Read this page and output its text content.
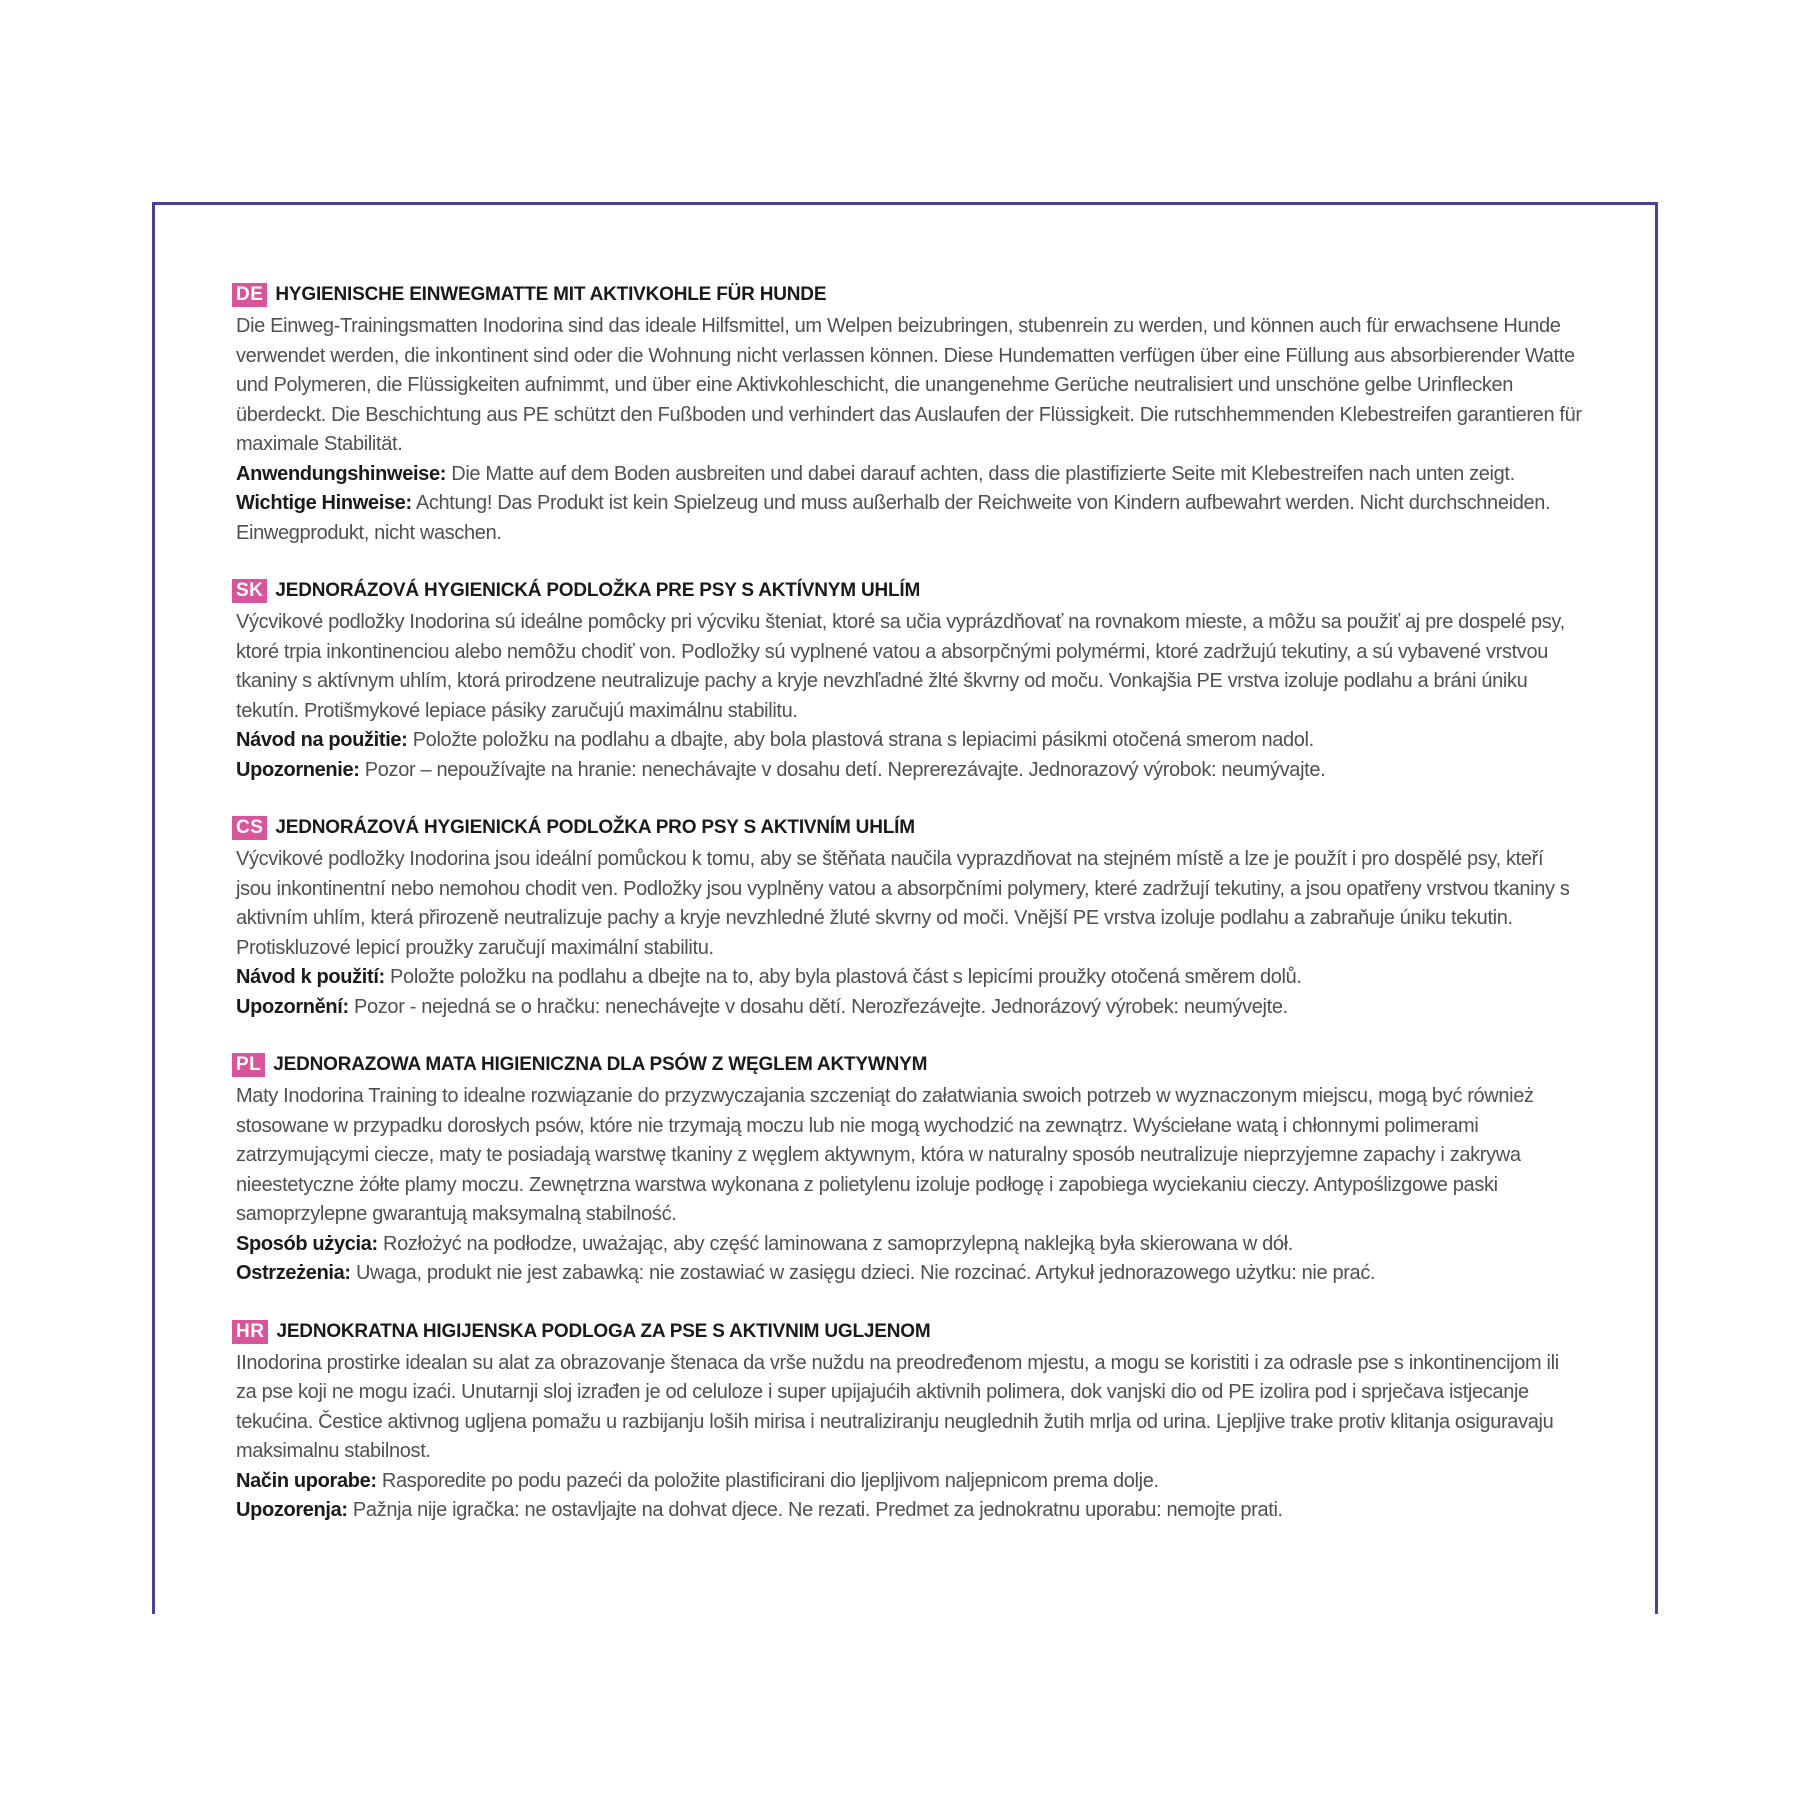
DE HYGIENISCHE EINWEGMATTE MIT AKTIVKOHLE FÜR HUNDE

Die Einweg-Trainingsmatten Inodorina sind das ideale Hilfsmittel, um Welpen beizubringen, stubenrein zu werden, und können auch für erwachsene Hunde verwendet werden, die inkontinent sind oder die Wohnung nicht verlassen können. Diese Hundematten verfügen über eine Füllung aus absorbierender Watte und Polymeren, die Flüssigkeiten aufnimmt, und über eine Aktivkohleschicht, die unangenehme Gerüche neutralisiert und unschöne gelbe Urinflecken überdeckt. Die Beschichtung aus PE schützt den Fußboden und verhindert das Auslaufen der Flüssigkeit. Die rutschhemmenden Klebestreifen garantieren für maximale Stabilität.

Anwendungshinweise: Die Matte auf dem Boden ausbreiten und dabei darauf achten, dass die plastifizierte Seite mit Klebestreifen nach unten zeigt.

Wichtige Hinweise: Achtung! Das Produkt ist kein Spielzeug und muss außerhalb der Reichweite von Kindern aufbewahrt werden. Nicht durchschneiden. Einwegprodukt, nicht waschen.

SK JEDNORÁZOVÁ HYGIENICKÁ PODLOŽKA PRE PSY S AKTÍVNYM UHLÍM

Výcvikové podložky Inodorina sú ideálne pomôcky pri výcviku šteniat, ktoré sa učia vyprázdňovať na rovnakom mieste, a môžu sa použiť aj pre dospelé psy, ktoré trpia inkontinenciou alebo nemôžu chodiť von. Podložky sú vyplnené vatou a absorpčnými polymérmi, ktoré zadržujú tekutiny, a sú vybavené vrstvou tkaniny s aktívnym uhlím, ktorá prirodzene neutralizuje pachy a kryje nevzhľadné žlté škvrny od moču. Vonkajšia PE vrstva izoluje podlahu a bráni úniku tekutín. Protišmykové lepiace pásiky zaručujú maximálnu stabilitu.

Návod na použitie: Položte položku na podlahu a dbajte, aby bola plastová strana s lepiacimi pásikmi otočená smerom nadol.

Upozornenie: Pozor – nepoužívajte na hranie: nenechávajte v dosahu detí. Neprerezávajte. Jednorazový výrobok: neumývajte.

CS JEDNORÁZOVÁ HYGIENICKÁ PODLOŽKA PRO PSY S AKTIVNÍM UHLÍM

Výcvikové podložky Inodorina jsou ideální pomůckou k tomu, aby se štěňata naučila vyprazdňovat na stejném místě a lze je použít i pro dospělé psy, kteří jsou inkontinentní nebo nemohou chodit ven. Podložky jsou vyplněny vatou a absorpčními polymery, které zadržují tekutiny, a jsou opatřeny vrstvou tkaniny s aktivním uhlím, která přirozeně neutralizuje pachy a kryje nevzhledné žluté skvrny od moči. Vnější PE vrstva izoluje podlahu a zabraňuje úniku tekutin. Protiskluzové lepicí proužky zaručují maximální stabilitu.

Návod k použití: Položte položku na podlahu a dbejte na to, aby byla plastová část s lepicími proužky otočená směrem dolů.

Upozornění: Pozor - nejedná se o hračku: nenechávejte v dosahu dětí. Nerozřezávejte. Jednorázový výrobek: neumývejte.

PL JEDNORAZOWA MATA HIGIENICZNA DLA PSÓW Z WĘGLEM AKTYWNYM

Maty Inodorina Training to idealne rozwiązanie do przyzwyczajania szczeniąt do załatwiania swoich potrzeb w wyznaczonym miejscu, mogą być również stosowane w przypadku dorosłych psów, które nie trzymają moczu lub nie mogą wychodzić na zewnątrz. Wyściełane watą i chłonnymi polimerami zatrzymującymi ciecze, maty te posiadają warstwę tkaniny z węglem aktywnym, która w naturalny sposób neutralizuje nieprzyjemne zapachy i zakrywa nieestetyczne żółte plamy moczu. Zewnętrzna warstwa wykonana z polietylenu izoluje podłogę i zapobiega wyciekaniu cieczy. Antypoślizgowe paski samoprzylepne gwarantują maksymalną stabilność.

Sposób użycia: Rozłożyć na podłodze, uważając, aby część laminowana z samoprzylepną naklejką była skierowana w dół.

Ostrzeżenia: Uwaga, produkt nie jest zabawką: nie zostawiać w zasięgu dzieci. Nie rozcinać. Artykuł jednorazowego użytku: nie prać.

HR JEDNOKRATNA HIGIJENSKA PODLOGA ZA PSE S AKTIVNIM UGLJENOM

IInodorina prostirke idealan su alat za obrazovanje štenaca da vrše nuždu na preodređenom mjestu, a mogu se koristiti i za odrasle pse s inkontinencijom ili za pse koji ne mogu izaći. Unutarnji sloj izrađen je od celuloze i super upijajućih aktivnih polimera, dok vanjski dio od PE izolira pod i sprječava istjecanje tekućina. Čestice aktivnog ugljena pomažu u razbijanju loših mirisa i neutraliziranju neuglednih žutih mrlja od urina. Ljepljive trake protiv klitanja osiguravaju maksimalnu stabilnost.

Način uporabe: Rasporedite po podu pazeći da položite plastificirani dio ljepljivom naljepnicom prema dolje.

Upozorenja: Pažnja nije igračka: ne ostavljajte na dohvat djece. Ne rezati. Predmet za jednokratnu uporabu: nemojte prati.
